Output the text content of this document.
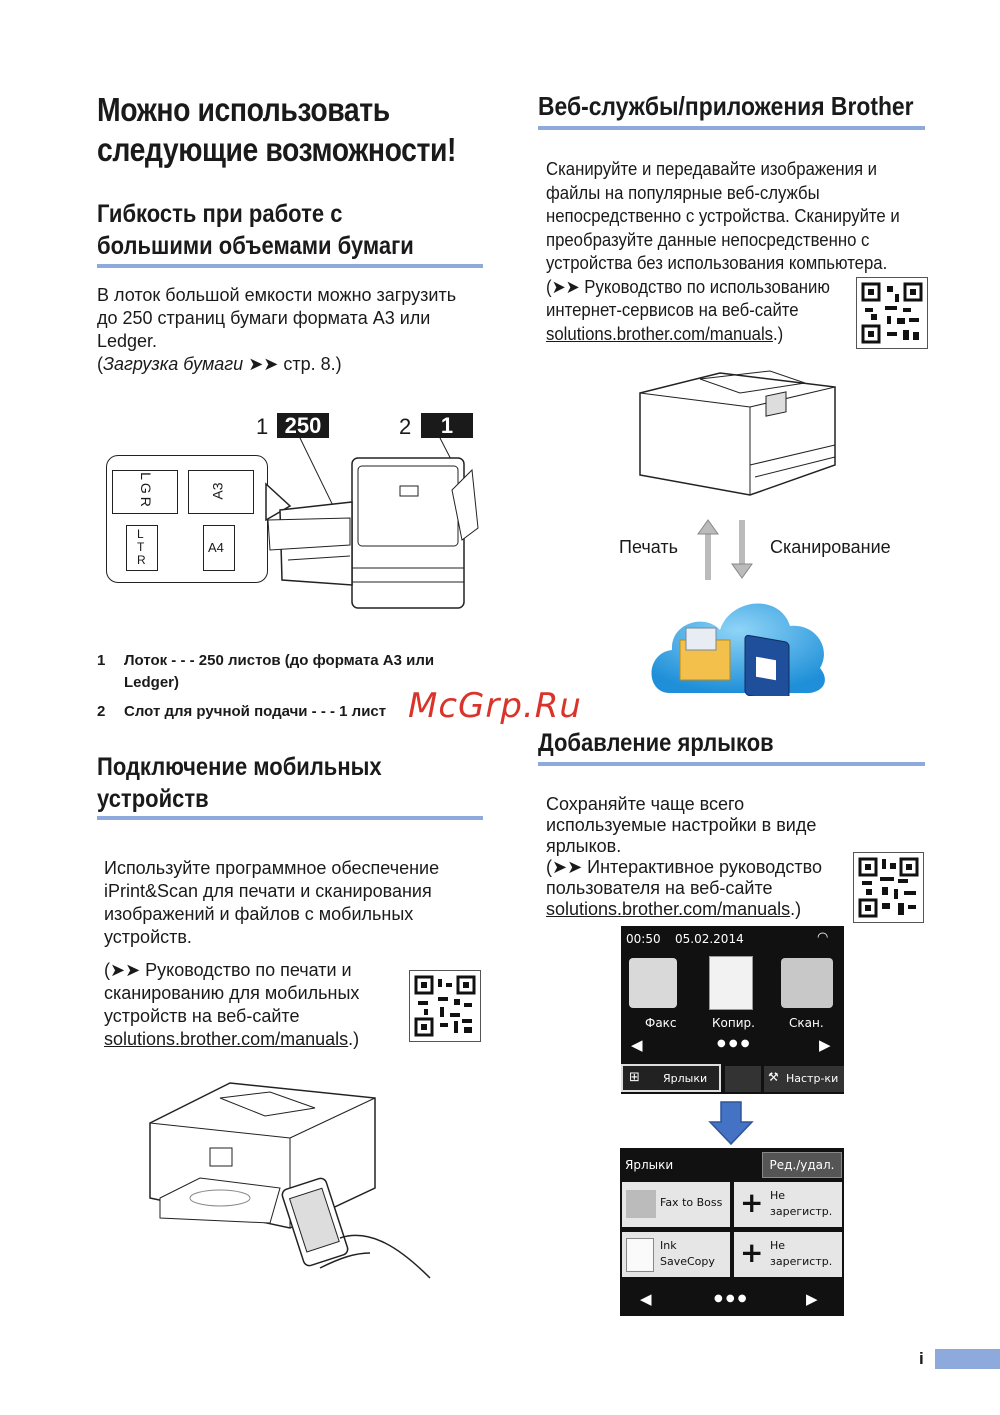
Можно использовать
следующие возможности!
Гибкость при работе с
большими объемами бумаги
В лоток большой емкости можно загрузить
до 250 страниц бумаги формата A3 или
Ledger.
(Загрузка бумаги ➤➤ стр. 8.)
1 250	2	1
LGR	A3
LTR
A4
1 Лоток - - - 250 листов (до формата A3 или
Ledger)
2 Слот для ручной подачи - - - 1 лист
Подключение мобильных
устройств
Используйте программное обеспечение
iPrint&Scan для печати и сканирования
изображений и файлов с мобильных
устройств.
(➤➤ Руководство по печати и
сканированию для мобильных
устройств на веб-сайте
solutions.brother.com/manuals.)
Веб-службы/приложения Brother
Сканируйте и передавайте изображения и
файлы на популярные веб-службы
непосредственно с устройства. Сканируйте и
преобразуйте данные непосредственно с
устройства без использования компьютера.
(➤➤ Руководство по использованию
интернет-сервисов на веб-сайте
solutions.brother.com/manuals.)
Печать	Сканирование
Добавление ярлыков
Сохраняйте чаще всего
используемые настройки в виде
ярлыков.
(➤➤ Интерактивное руководство
пользователя на веб-сайте
solutions.brother.com/manuals.)
00:50 05.02.2014	◠
Факс	Копир.	Скан.
◀	● ● ●	▶
⊞ Ярлыки	⚒ Настр-ки
Ярлыки	Ред./удал.
Fax to Boss + Не
зарегистр.
Ink
SaveCopy + Не
зарегистр.
◀	● ● ●	▶
McGrp.Ru
i
